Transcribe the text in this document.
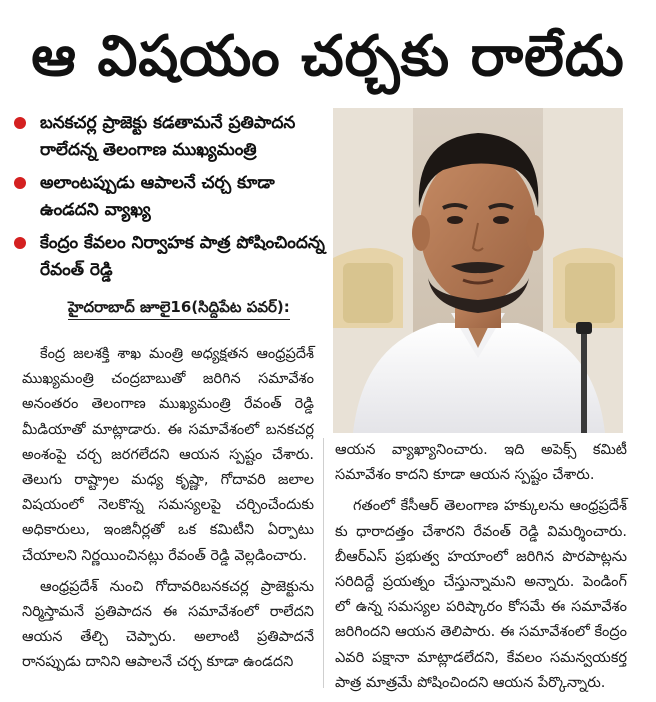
ఆ విషయం చర్చకు రాలేదు
బనకచర్ల ప్రాజెక్టు కడతామనే ప్రతిపాదన రాలేదన్న తెలంగాణ ముఖ్యమంత్రి
అలాంటప్పుడు ఆపాలనే చర్చ కూడా ఉండదని వ్యాఖ్య
కేంద్రం కేవలం నిర్వాహక పాత్ర పోషించిందన్న రేవంత్ రెడ్డి
హైదరాబాద్ జూలై16(సిద్దిపేట పవర్):

కేంద్ర జలశక్తి శాఖ మంత్రి అధ్యక్షతన ఆంధ్రప్రదేశ్ ముఖ్యమంత్రి చంద్రబాబుతో జరిగిన సమావేశం అనంతరం తెలంగాణ ముఖ్యమంత్రి రేవంత్ రెడ్డి మీడియాతో మాట్లాడారు. ఈ సమావేశంలో బనకచర్ల అంశంపై చర్చ జరగలేదని ఆయన స్పష్టం చేశారు. తెలుగు రాష్ట్రాల మధ్య కృష్ణా, గోదావరి జలాల విషయంలో నెలకొన్న సమస్యలపై చర్చించేందుకు అధికారులు, ఇంజినీర్లతో ఒక కమిటీని ఏర్పాటు చేయాలని నిర్ణయించినట్లు రేవంత్ రెడ్డి వెల్లడించారు.

ఆంధ్రప్రదేశ్ నుంచి గోదావరిబనకచర్ల ప్రాజెక్టును నిర్మిస్తామనే ప్రతిపాదన ఈ సమావేశంలో రాలేదని ఆయన తేల్చి చెప్పారు. అలాంటి ప్రతిపాదనే రానప్పుడు దానిని ఆపాలనే చర్చ కూడా ఉండదని

ఆయన వ్యాఖ్యానించారు. ఇది అపెక్స్ కమిటీ సమావేశం కాదని కూడా ఆయన స్పష్టం చేశారు.

గతంలో కేసీఆర్ తెలంగాణ హక్కులను ఆంధ్రప్రదేశ్ కు ధారాదత్తం చేశారని రేవంత్ రెడ్డి విమర్శించారు. బీఆర్ఎస్ ప్రభుత్వ హయాంలో జరిగిన పొరపాట్లను సరిదిద్దే ప్రయత్నం చేస్తున్నామని అన్నారు. పెండింగ్ లో ఉన్న సమస్యల పరిష్కారం కోసమే ఈ సమావేశం జరిగిందని ఆయన తెలిపారు. ఈ సమావేశంలో కేంద్రం ఎవరి పక్షానా మాట్లాడలేదని, కేవలం సమన్వయకర్త పాత్ర మాత్రమే పోషించిందని ఆయన పేర్కొన్నారు.
